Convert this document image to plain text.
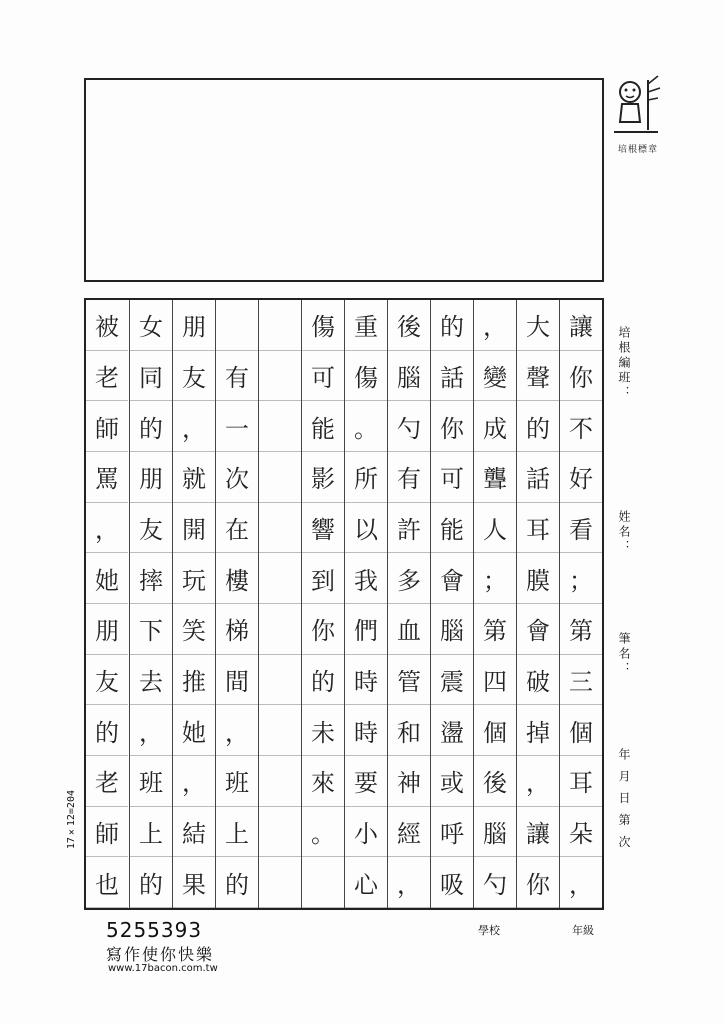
培根標章
被
老
師
罵
，
她
朋
友
的
老
師
也
女
同
的
朋
友
摔
下
去
，
班
上
的
朋
友
，
就
開
玩
笑
推
她
，
結
果

有
一
次
在
樓
梯
間
，
班
上
的
傷
可
能
影
響
到
你
的
未
來
。
重
傷
。
所
以
我
們
時
時
要
小
心
後
腦
勺
有
許
多
血
管
和
神
經
，
的
話
你
可
能
會
腦
震
盪
或
呼
吸
，
變
成
聾
人
；
第
四
個
後
腦
勺
大
聲
的
話
耳
膜
會
破
掉
，
讓
你
讓
你
不
好
看
；
第
三
個
耳
朵
，
培根編班：
姓名：
筆名：
年 月 日 第 次
學校	年級
17×12=204
5255393
寫作使你快樂
www.17bacon.com.tw
